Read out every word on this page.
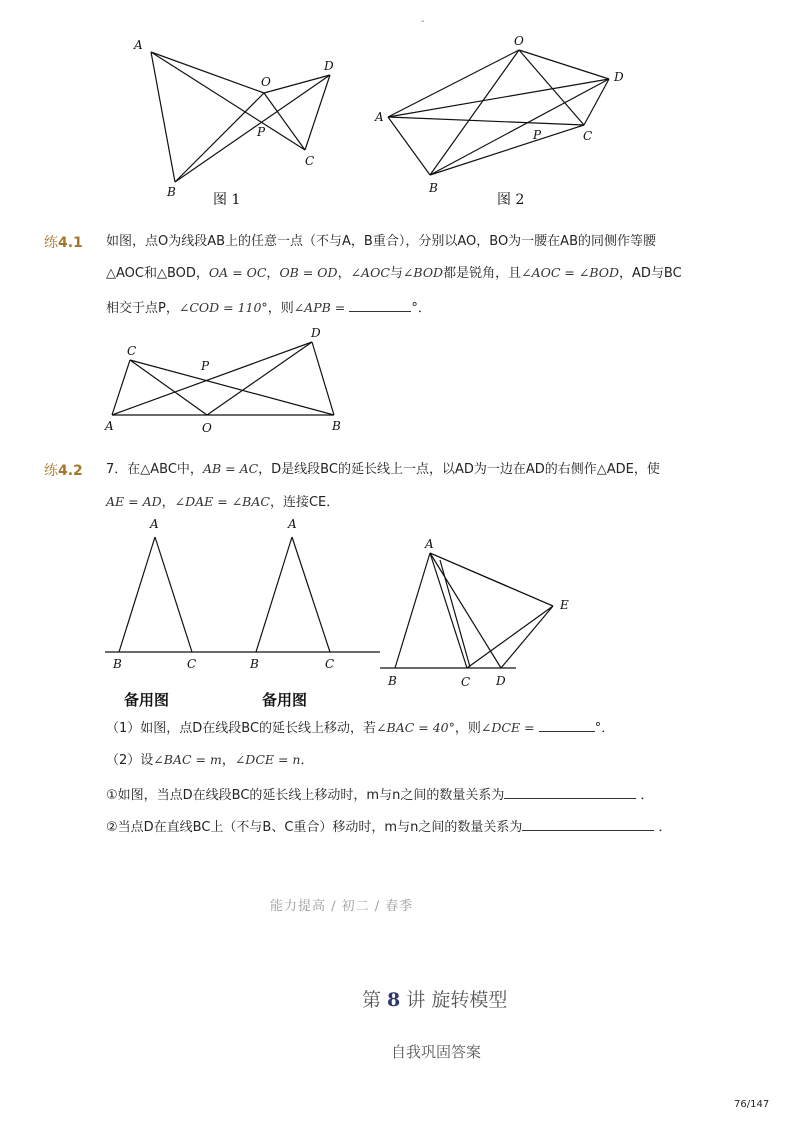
-
A
B
O
D
P
C
A
B
O
D
P	C
图 1	图 2
练4.1 如图，点O为线段AB上的任意一点（不与A，B重合），分别以AO，BO为一腰在AB的同侧作等腰
△AOC和△BOD，OA = OC，OB = OD，∠AOC与∠BOD都是锐角，且∠AOC = ∠BOD，AD与BC
相交于点P，∠COD = 110°，则∠APB =	°．
C
D
P
A	O	B
练4.2 7．在△ABC中，AB = AC，D是线段BC的延长线上一点，以AD为一边在AD的右侧作△ADE，使
AE = AD，∠DAE = ∠BAC，连接CE．
A
B	C
A
B	C
A
E
B	C D
备用图	备用图
（1）如图，点D在线段BC的延长线上移动，若∠BAC = 40°，则∠DCE =	°．
（2）设∠BAC = m，∠DCE = n．
①如图，当点D在线段BC的延长线上移动时，m与n之间的数量关系为	．
②当点D在直线BC上（不与B、C重合）移动时，m与n之间的数量关系为	．
能力提高 / 初二 / 春季
第 8 讲 旋转模型
自我巩固答案
76/147
